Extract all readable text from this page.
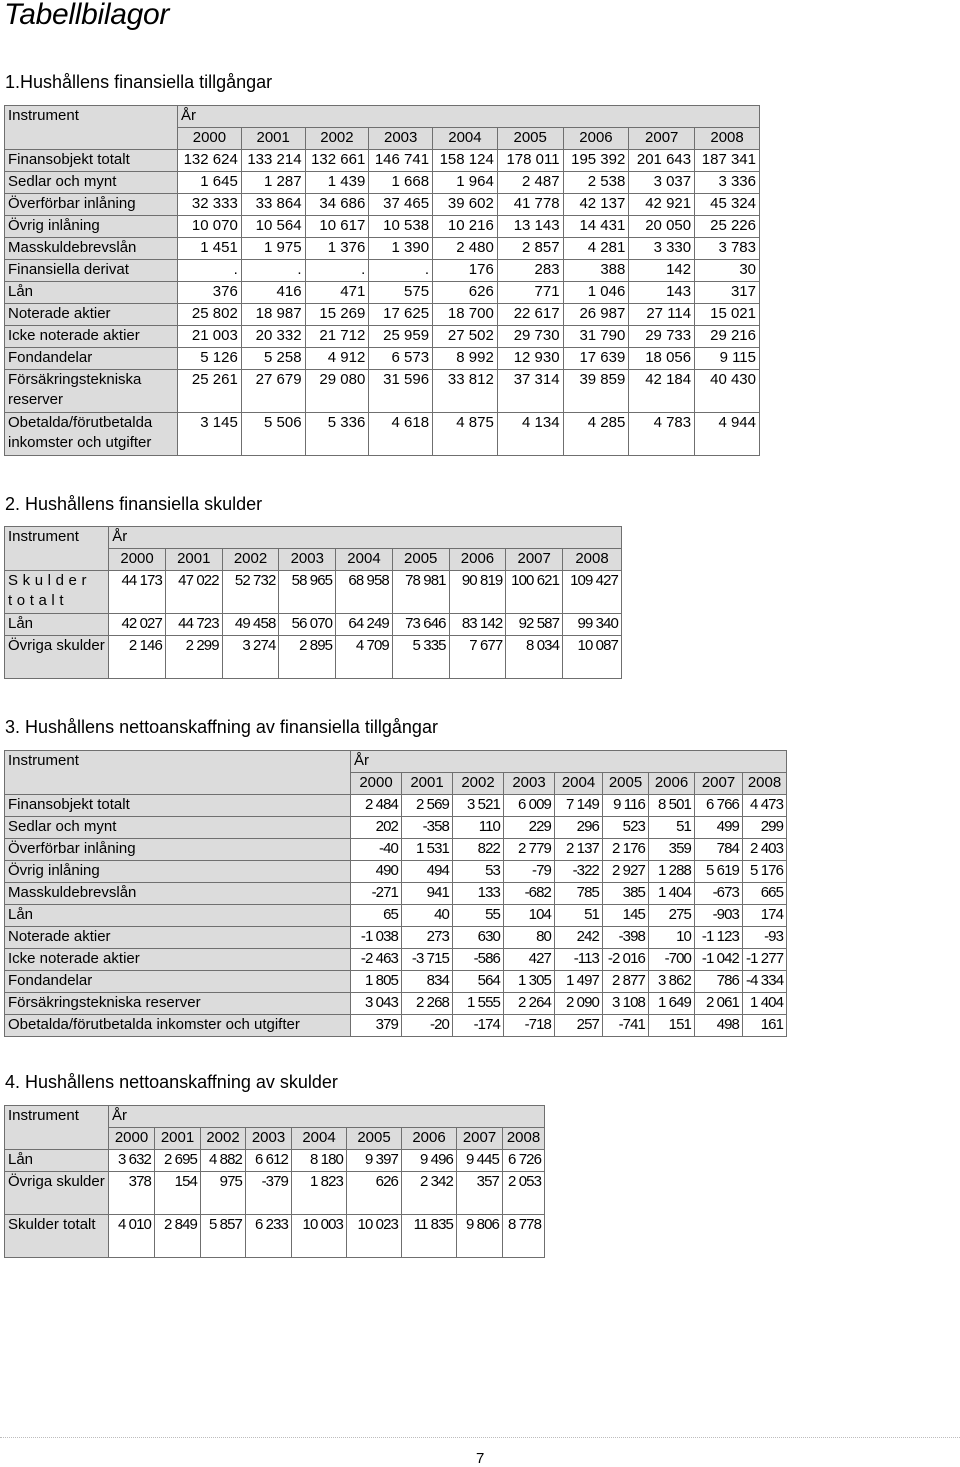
Tabellbilagor
1.Hushållens finansiella tillgångar
Instrument	År								
	2000	2001	2002	2003	2004	2005	2006	2007	2008
Finansobjekt totalt	132 624	133 214	132 661	146 741	158 124	178 011	195 392	201 643	187 341
Sedlar och mynt	1 645	1 287	1 439	1 668	1 964	2 487	2 538	3 037	3 336
Överförbar inlåning	32 333	33 864	34 686	37 465	39 602	41 778	42 137	42 921	45 324
Övrig inlåning	10 070	10 564	10 617	10 538	10 216	13 143	14 431	20 050	25 226
Masskuldebrevslån	1 451	1 975	1 376	1 390	2 480	2 857	4 281	3 330	3 783
Finansiella derivat	.	.	.	.	176	283	388	142	30
Lån	376	416	471	575	626	771	1 046	143	317
Noterade aktier	25 802	18 987	15 269	17 625	18 700	22 617	26 987	27 114	15 021
Icke noterade aktier	21 003	20 332	21 712	25 959	27 502	29 730	31 790	29 733	29 216
Fondandelar	5 126	5 258	4 912	6 573	8 992	12 930	17 639	18 056	9 115
Försäkringstekniska reserver	25 261	27 679	29 080	31 596	33 812	37 314	39 859	42 184	40 430
Obetalda/förutbetalda inkomster och utgifter	3 145	5 506	5 336	4 618	4 875	4 134	4 285	4 783	4 944
2. Hushållens finansiella skulder
Instrument	År								
	2000	2001	2002	2003	2004	2005	2006	2007	2008
Skulder totalt	44 173	47 022	52 732	58 965	68 958	78 981	90 819	100 621	109 427
Lån	42 027	44 723	49 458	56 070	64 249	73 646	83 142	92 587	99 340
Övriga skulder	2 146	2 299	3 274	2 895	4 709	5 335	7 677	8 034	10 087
3. Hushållens nettoanskaffning av finansiella tillgångar
Instrument	År								
	2000	2001	2002	2003	2004	2005	2006	2007	2008
Finansobjekt totalt	2 484	2 569	3 521	6 009	7 149	9 116	8 501	6 766	4 473
Sedlar och mynt	202	-358	110	229	296	523	51	499	299
Överförbar inlåning	-40	1 531	822	2 779	2 137	2 176	359	784	2 403
Övrig inlåning	490	494	53	-79	-322	2 927	1 288	5 619	5 176
Masskuldebrevslån	-271	941	133	-682	785	385	1 404	-673	665
Lån	65	40	55	104	51	145	275	-903	174
Noterade aktier	-1 038	273	630	80	242	-398	10	-1 123	-93
Icke noterade aktier	-2 463	-3 715	-586	427	-113	-2 016	-700	-1 042	-1 277
Fondandelar	1 805	834	564	1 305	1 497	2 877	3 862	786	-4 334
Försäkringstekniska reserver	3 043	2 268	1 555	2 264	2 090	3 108	1 649	2 061	1 404
Obetalda/förutbetalda inkomster och utgifter	379	-20	-174	-718	257	-741	151	498	161
4. Hushållens nettoanskaffning av skulder
Instrument	År								
	2000	2001	2002	2003	2004	2005	2006	2007	2008
Lån	3 632	2 695	4 882	6 612	8 180	9 397	9 496	9 445	6 726
Övriga skulder	378	154	975	-379	1 823	626	2 342	357	2 053
Skulder totalt	4 010	2 849	5 857	6 233	10 003	10 023	11 835	9 806	8 778
7
